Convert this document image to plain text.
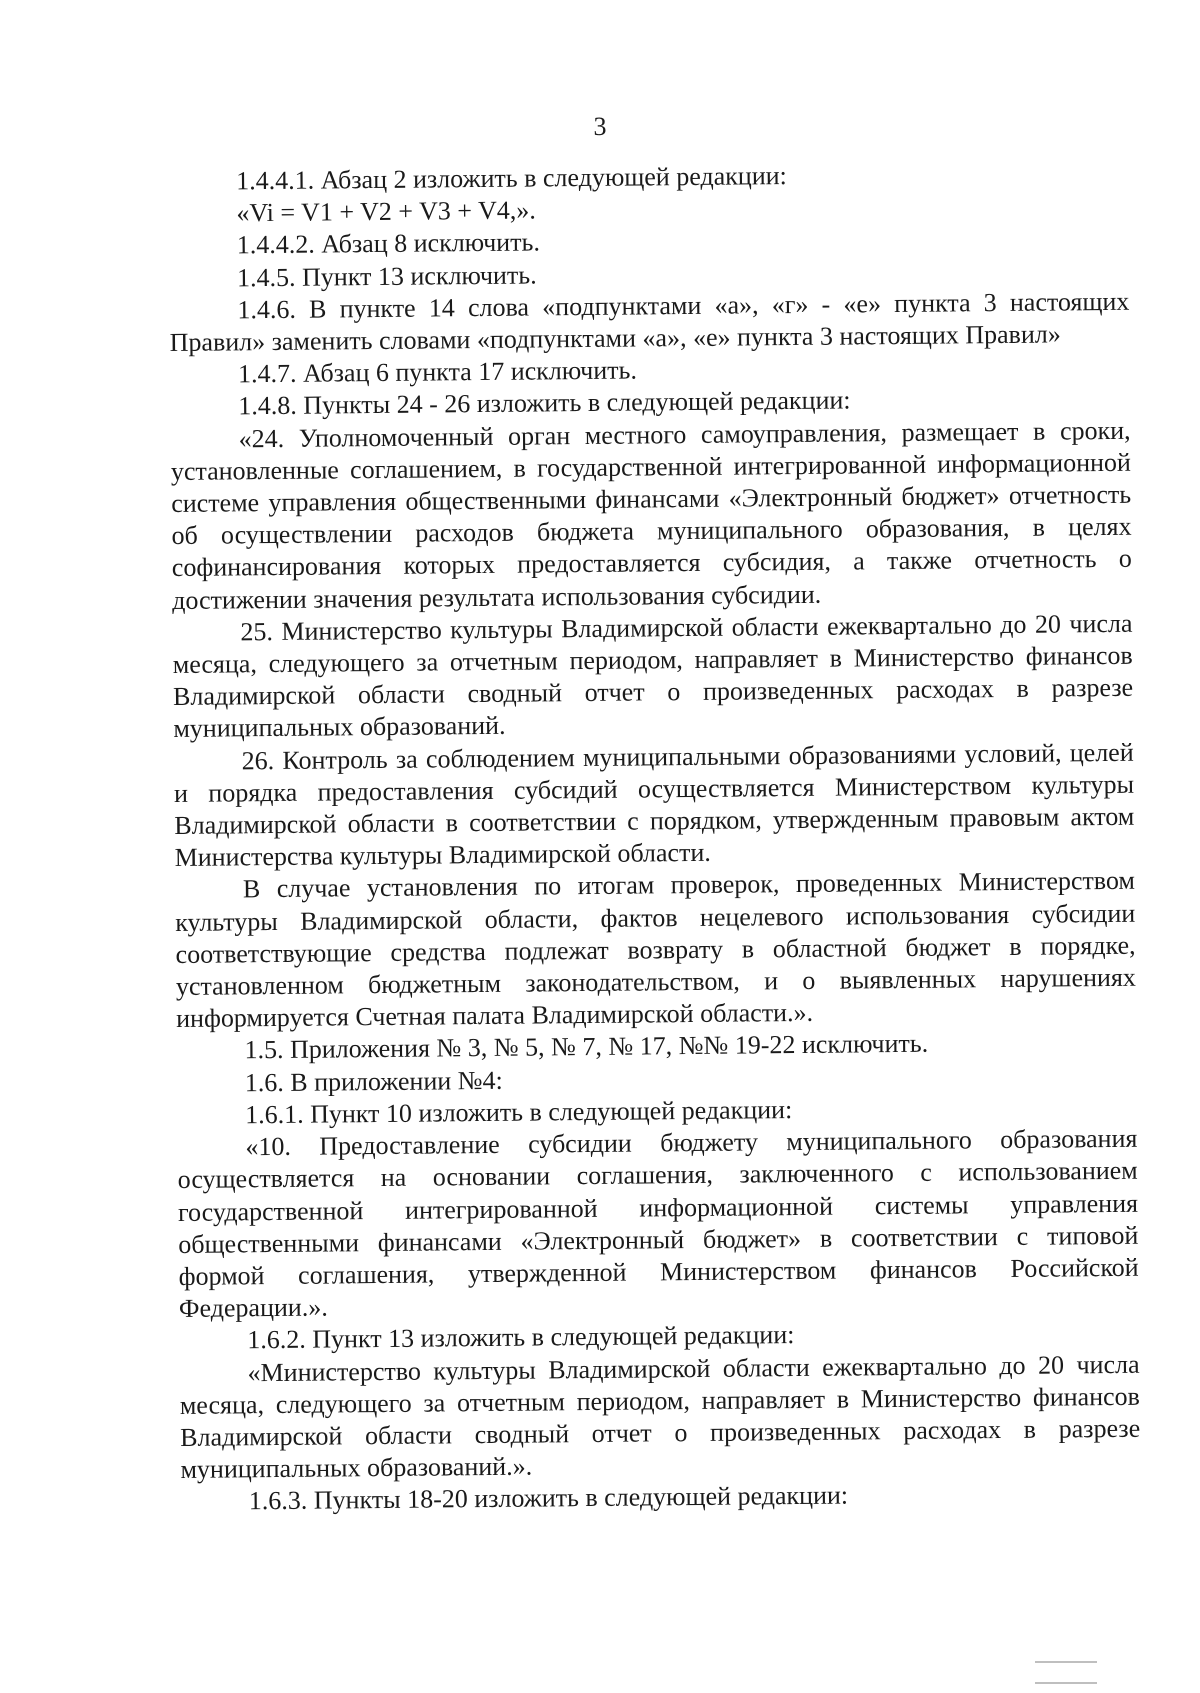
3

1.4.4.1. Абзац 2 изложить в следующей редакции:

«Vi = V1 + V2 + V3 + V4,».

1.4.4.2. Абзац 8 исключить.

1.4.5. Пункт 13 исключить.

1.4.6. В пункте 14 слова «подпунктами «а», «г» - «е» пункта 3 настоящих Правил» заменить словами «подпунктами «а», «е» пункта 3 настоящих Правил»

1.4.7. Абзац 6 пункта 17 исключить.

1.4.8. Пункты 24 - 26 изложить в следующей редакции:

«24. Уполномоченный орган местного самоуправления, размещает в сроки, установленные соглашением, в государственной интегрированной информационной системе управления общественными финансами «Электронный бюджет» отчетность об осуществлении расходов бюджета муниципального образования, в целях софинансирования которых предоставляется субсидия, а также отчетность о достижении значения результата использования субсидии.

25. Министерство культуры Владимирской области ежеквартально до 20 числа месяца, следующего за отчетным периодом, направляет в Министерство финансов Владимирской области сводный отчет о произведенных расходах в разрезе муниципальных образований.

26. Контроль за соблюдением муниципальными образованиями условий, целей и порядка предоставления субсидий осуществляется Министерством культуры Владимирской области в соответствии с порядком, утвержденным правовым актом Министерства культуры Владимирской области.

В случае установления по итогам проверок, проведенных Министерством культуры Владимирской области, фактов нецелевого использования субсидии соответствующие средства подлежат возврату в областной бюджет в порядке, установленном бюджетным законодательством, и о выявленных нарушениях информируется Счетная палата Владимирской области.».

1.5. Приложения № 3, № 5, № 7, № 17, №№ 19-22 исключить.

1.6. В приложении №4:

1.6.1. Пункт 10 изложить в следующей редакции:

«10. Предоставление субсидии бюджету муниципального образования осуществляется на основании соглашения, заключенного с использованием государственной интегрированной информационной системы управления общественными финансами «Электронный бюджет» в соответствии с типовой формой соглашения, утвержденной Министерством финансов Российской Федерации.».

1.6.2. Пункт 13 изложить в следующей редакции:

«Министерство культуры Владимирской области ежеквартально до 20 числа месяца, следующего за отчетным периодом, направляет в Министерство финансов Владимирской области сводный отчет о произведенных расходах в разрезе муниципальных образований.».

1.6.3. Пункты 18-20 изложить в следующей редакции:
